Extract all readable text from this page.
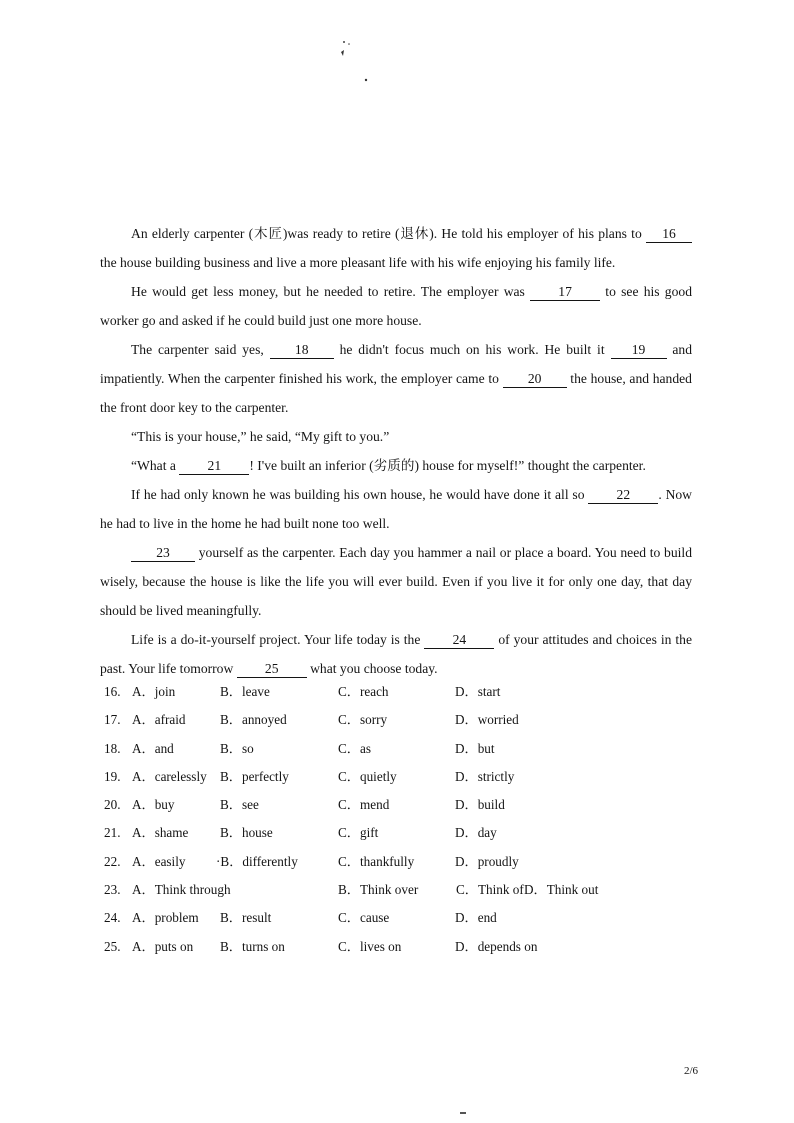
An elderly carpenter (木匠)was ready to retire (退休). He told his employer of his plans to 16 the house building business and live a more pleasant life with his wife enjoying his family life.

He would get less money, but he needed to retire. The employer was 17 to see his good worker go and asked if he could build just one more house.

The carpenter said yes, 18 he didn't focus much on his work. He built it 19 and impatiently. When the carpenter finished his work, the employer came to 20 the house, and handed the front door key to the carpenter.

“This is your house,” he said, “My gift to you.”

“What a 21 ! I've built an inferior (劣质的) house for myself!” thought the carpenter.

If he had only known he was building his own house, he would have done it all so 22 . Now he had to live in the home he had built none too well.

23 yourself as the carpenter. Each day you hammer a nail or place a board. You need to build wisely, because the house is like the life you will ever build. Even if you live it for only one day, that day should be lived meaningfully.

Life is a do-it-yourself project. Your life today is the 24 of your attitudes and choices in the past. Your life tomorrow 25 what you choose today.

16. A．join	B．leave	C．reach	D．start
17. A．afraid	B．annoyed	C．sorry	D．worried
18. A．and	B．so	C．as	D．but
19. A．carelessly B．perfectly	C．quietly	D．strictly
20. A．buy	B．see	C．mend	D．build
21. A．shame B．house	C．gift	D．day
22. A．easily ·B．differently	C．thankfully	D．proudly
23. A．Think through	B．Think over	C．Think of D．Think out
24. A．problem B．result	C．cause	D．end
25. A．puts on B．turns on	C．lives on	D．depends on
2/6
